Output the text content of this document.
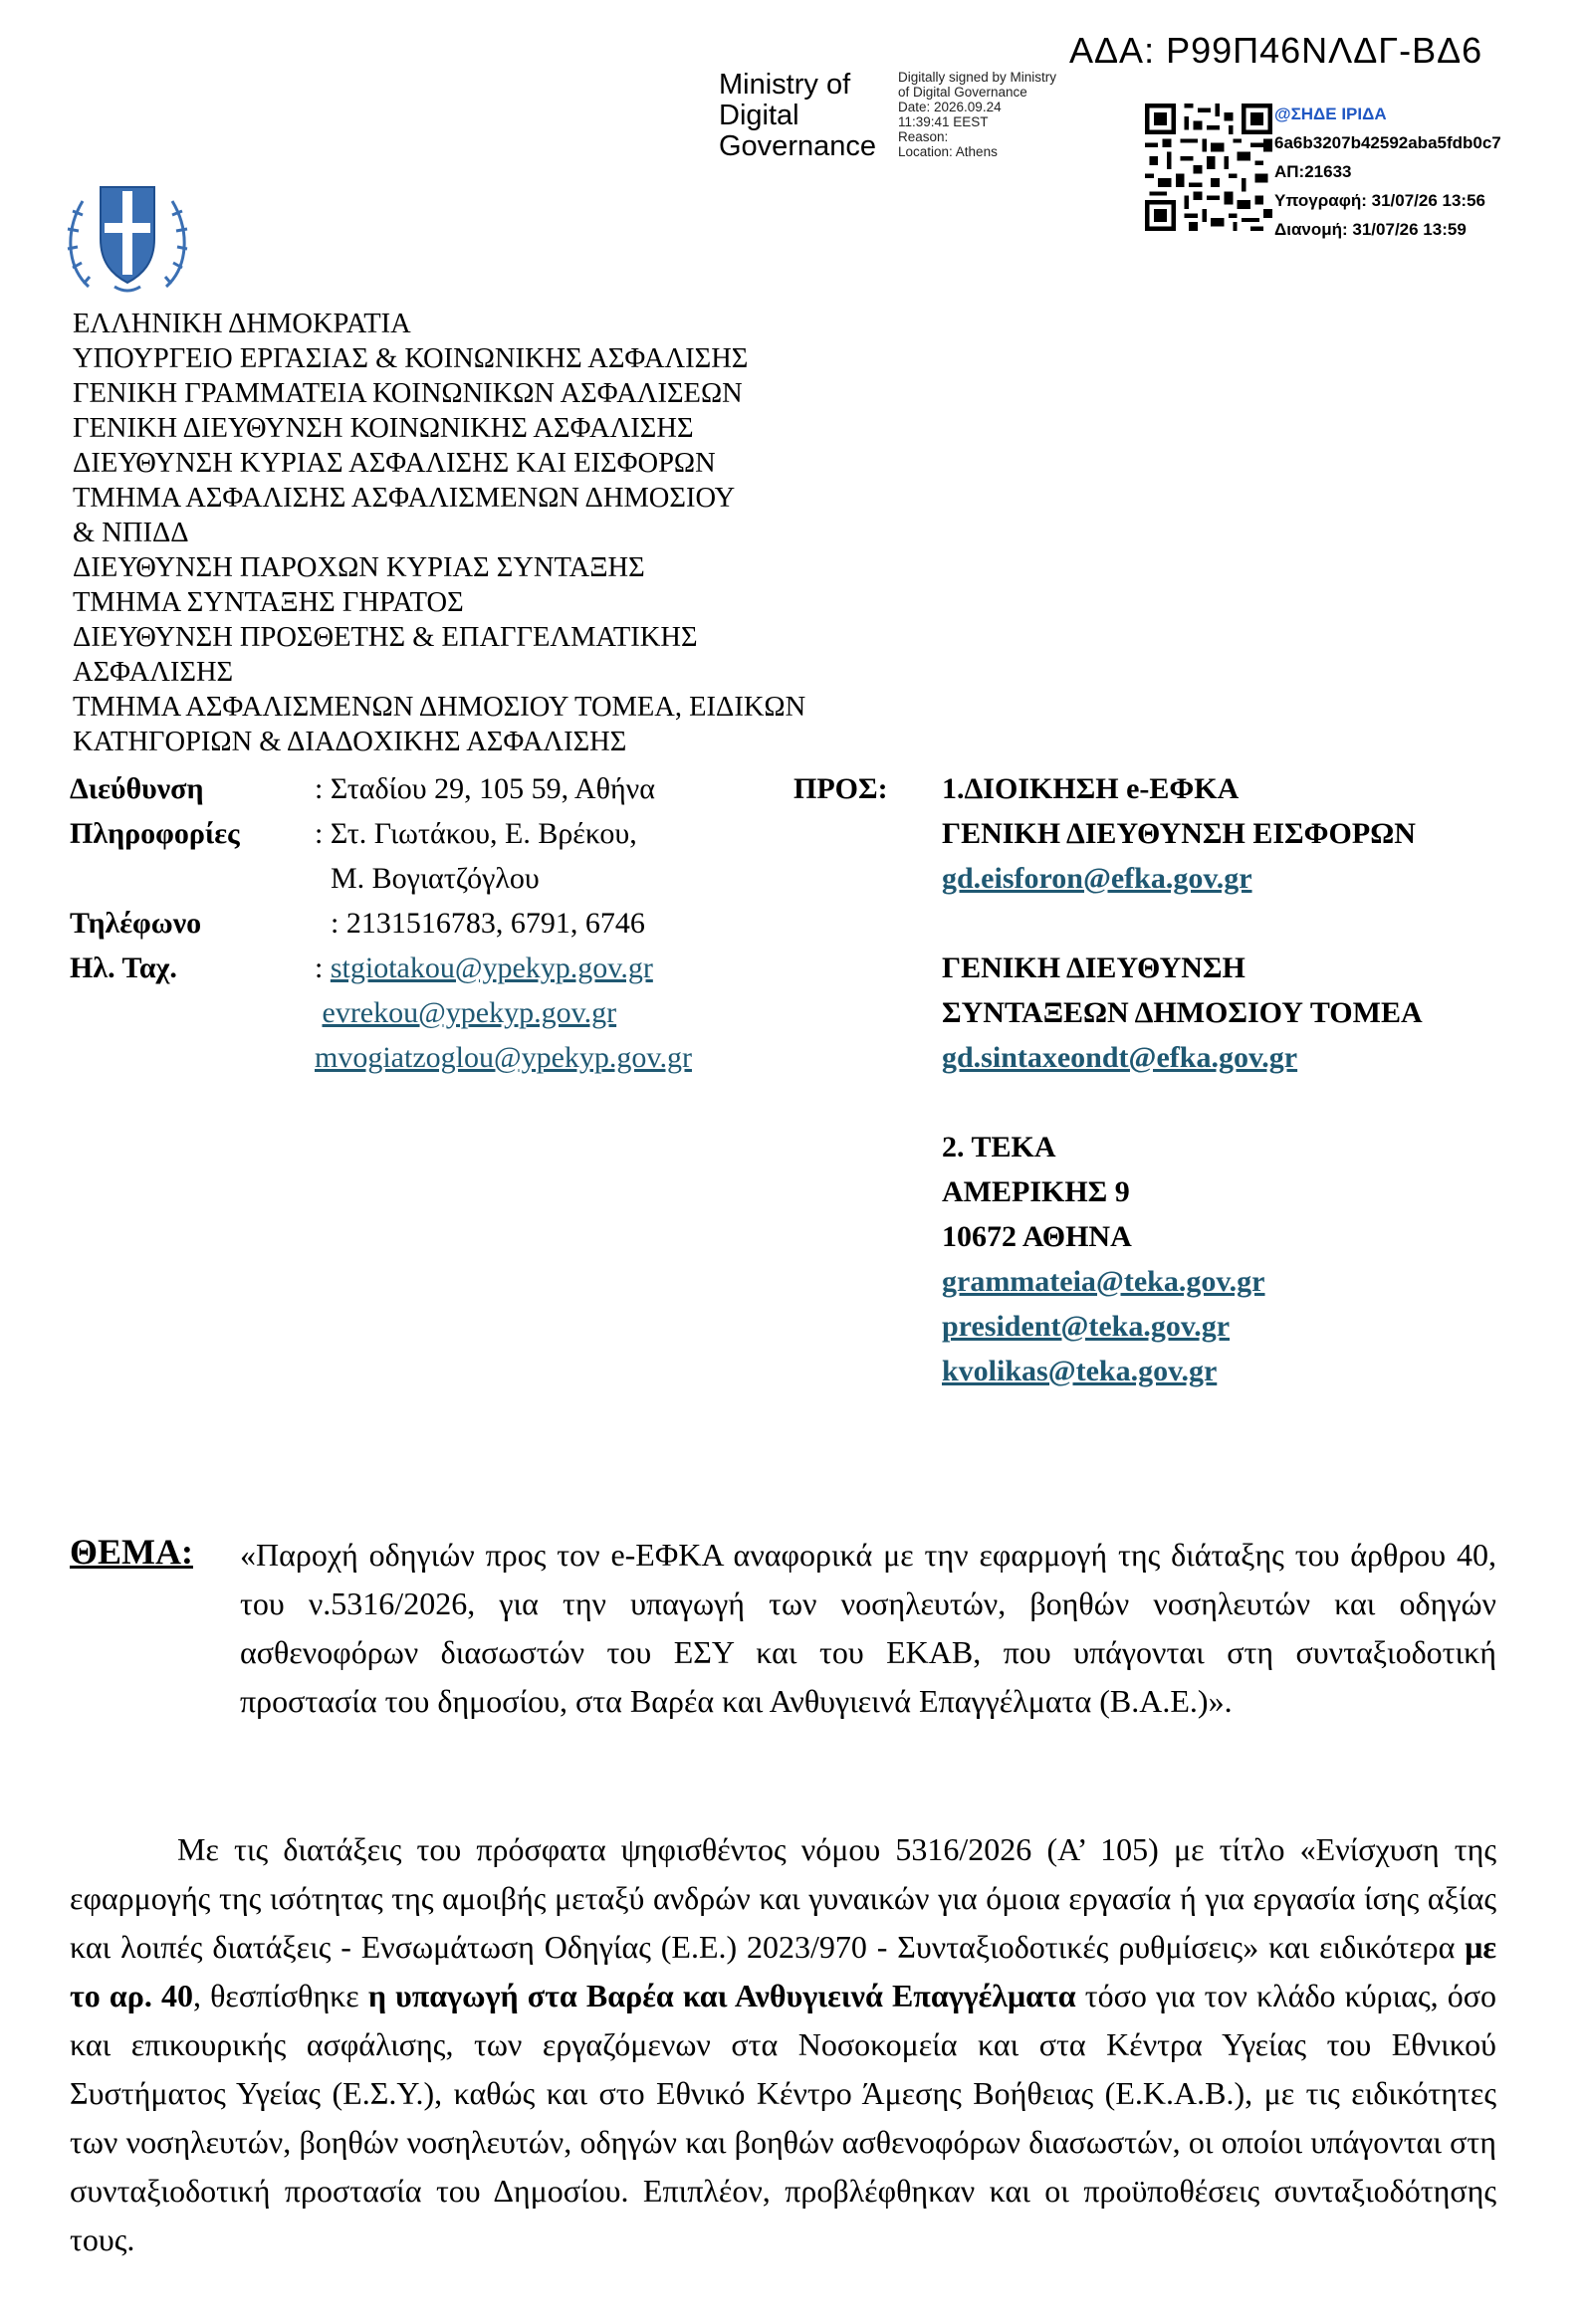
ΑΔΑ: Ρ99Π46ΝΛΔΓ-ΒΔ6
Ministry of
Digital
Governance
Digitally signed by Ministry
of Digital Governance
Date: 2026.09.24
11:39:41 EEST
Reason:
Location: Athens
@ΣΗΔΕ ΙΡΙΔΑ
6a6b3207b42592aba5fdb0c7
ΑΠ:21633
Υπογραφή: 31/07/26 13:56
Διανομή: 31/07/26 13:59
ΕΛΛΗΝΙΚΗ ΔΗΜΟΚΡΑΤΙΑ
ΥΠΟΥΡΓΕΙΟ ΕΡΓΑΣΙΑΣ & ΚΟΙΝΩΝΙΚΗΣ ΑΣΦΑΛΙΣΗΣ
ΓΕΝΙΚΗ ΓΡΑΜΜΑΤΕΙΑ ΚΟΙΝΩΝΙΚΩΝ ΑΣΦΑΛΙΣΕΩΝ
ΓΕΝΙΚΗ ΔΙΕΥΘΥΝΣΗ ΚΟΙΝΩΝΙΚΗΣ ΑΣΦΑΛΙΣΗΣ
ΔΙΕΥΘΥΝΣΗ ΚΥΡΙΑΣ ΑΣΦΑΛΙΣΗΣ ΚΑΙ ΕΙΣΦΟΡΩΝ
ΤΜΗΜΑ ΑΣΦΑΛΙΣΗΣ ΑΣΦΑΛΙΣΜΕΝΩΝ ΔΗΜΟΣΙΟΥ
& ΝΠΙΔΔ
ΔΙΕΥΘΥΝΣΗ ΠΑΡΟΧΩΝ ΚΥΡΙΑΣ ΣΥΝΤΑΞΗΣ
ΤΜΗΜΑ ΣΥΝΤΑΞΗΣ ΓΗΡΑΤΟΣ
ΔΙΕΥΘΥΝΣΗ ΠΡΟΣΘΕΤΗΣ & ΕΠΑΓΓΕΛΜΑΤΙΚΗΣ
ΑΣΦΑΛΙΣΗΣ
ΤΜΗΜΑ ΑΣΦΑΛΙΣΜΕΝΩΝ ΔΗΜΟΣΙΟΥ ΤΟΜΕΑ, ΕΙΔΙΚΩΝ
ΚΑΤΗΓΟΡΙΩΝ & ΔΙΑΔΟΧΙΚΗΣ ΑΣΦΑΛΙΣΗΣ
Διεύθυνση
Πληροφορίες

Τηλέφωνο
Ηλ. Ταχ.
: Σταδίου 29, 105 59, Αθήνα
: Στ. Γιωτάκου, Ε. Βρέκου,
Μ. Βογιατζόγλου
: 2131516783, 6791, 6746
: stgiotakou@ypekyp.gov.gr
evrekou@ypekyp.gov.gr
mvogiatzoglou@ypekyp.gov.gr
ΠΡΟΣ: 1.ΔΙΟΙΚΗΣΗ e-ΕΦΚΑ
ΓΕΝΙΚΗ ΔΙΕΥΘΥΝΣΗ ΕΙΣΦΟΡΩΝ
gd.eisforon@efka.gov.gr
ΓΕΝΙΚΗ ΔΙΕΥΘΥΝΣΗ
ΣΥΝΤΑΞΕΩΝ ΔΗΜΟΣΙΟΥ ΤΟΜΕΑ
gd.sintaxeondt@efka.gov.gr
2. ΤΕΚΑ
ΑΜΕΡΙΚΗΣ 9
10672 ΑΘΗΝΑ
grammateia@teka.gov.gr
president@teka.gov.gr
kvolikas@teka.gov.gr
ΘΕΜΑ: «Παροχή οδηγιών προς τον e-ΕΦΚΑ αναφορικά με την εφαρμογή της διάταξης του άρθρου 40, του ν.5316/2026, για την υπαγωγή των νοσηλευτών, βοηθών νοσηλευτών και οδηγών ασθενοφόρων διασωστών του ΕΣΥ και του ΕΚΑΒ, που υπάγονται στη συνταξιοδοτική προστασία του δημοσίου, στα Βαρέα και Ανθυγιεινά Επαγγέλματα (Β.Α.Ε.)».
Με τις διατάξεις του πρόσφατα ψηφισθέντος νόμου 5316/2026 (Α’ 105) με τίτλο «Ενίσχυση της εφαρμογής της ισότητας της αμοιβής μεταξύ ανδρών και γυναικών για όμοια εργασία ή για εργασία ίσης αξίας και λοιπές διατάξεις - Ενσωμάτωση Οδηγίας (Ε.Ε.) 2023/970 - Συνταξιοδοτικές ρυθμίσεις» και ειδικότερα με το αρ. 40, θεσπίσθηκε η υπαγωγή στα Βαρέα και Ανθυγιεινά Επαγγέλματα τόσο για τον κλάδο κύριας, όσο και επικουρικής ασφάλισης, των εργαζόμενων στα Νοσοκομεία και στα Κέντρα Υγείας του Εθνικού Συστήματος Υγείας (Ε.Σ.Υ.), καθώς και στο Εθνικό Κέντρο Άμεσης Βοήθειας (Ε.Κ.Α.Β.), με τις ειδικότητες των νοσηλευτών, βοηθών νοσηλευτών, οδηγών και βοηθών ασθενοφόρων διασωστών, οι οποίοι υπάγονται στη συνταξιοδοτική προστασία του Δημοσίου. Επιπλέον, προβλέφθηκαν και οι προϋποθέσεις συνταξιοδότησης τους.
